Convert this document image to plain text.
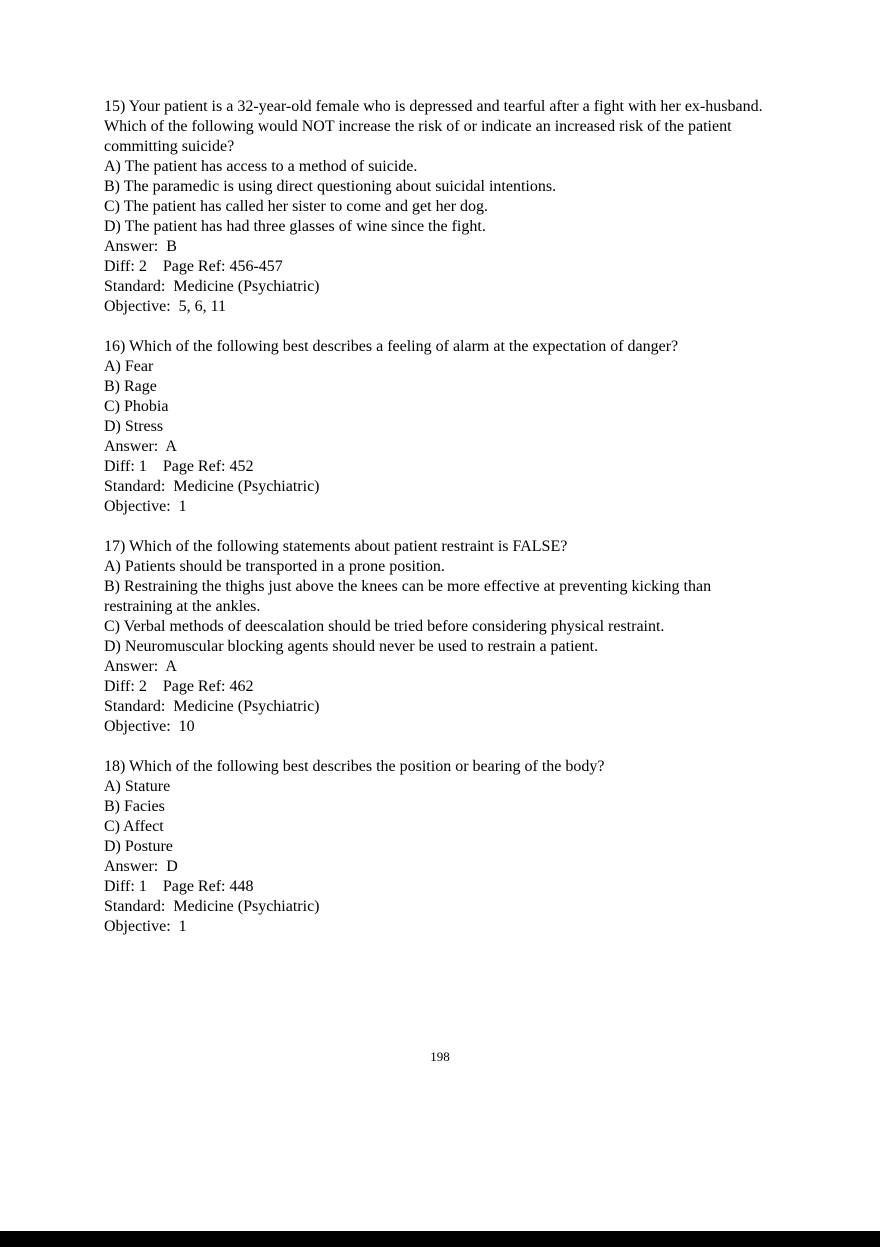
15) Your patient is a 32-year-old female who is depressed and tearful after a fight with her ex-husband. Which of the following would NOT increase the risk of or indicate an increased risk of the patient committing suicide?

A) The patient has access to a method of suicide.

B) The paramedic is using direct questioning about suicidal intentions.

C) The patient has called her sister to come and get her dog.

D) The patient has had three glasses of wine since the fight.

Answer:  B

Diff: 2    Page Ref: 456-457

Standard:  Medicine (Psychiatric)

Objective:  5, 6, 11

16) Which of the following best describes a feeling of alarm at the expectation of danger?

A) Fear

B) Rage

C) Phobia

D) Stress

Answer:  A

Diff: 1    Page Ref: 452

Standard:  Medicine (Psychiatric)

Objective:  1

17) Which of the following statements about patient restraint is FALSE?

A) Patients should be transported in a prone position.

B) Restraining the thighs just above the knees can be more effective at preventing kicking than restraining at the ankles.

C) Verbal methods of deescalation should be tried before considering physical restraint.

D) Neuromuscular blocking agents should never be used to restrain a patient.

Answer:  A

Diff: 2    Page Ref: 462

Standard:  Medicine (Psychiatric)

Objective:  10

18) Which of the following best describes the position or bearing of the body?

A) Stature

B) Facies

C) Affect

D) Posture

Answer:  D

Diff: 1    Page Ref: 448

Standard:  Medicine (Psychiatric)

Objective:  1

198
